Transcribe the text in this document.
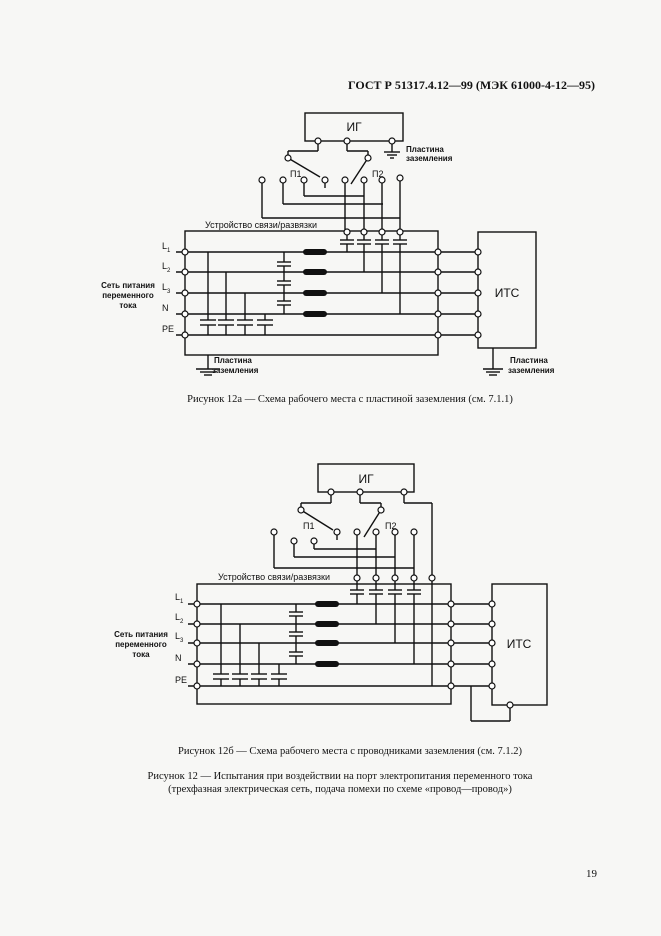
ГОСТ Р 51317.4.12—99 (МЭК 61000-4-12—95)
ИГ
Пластина
заземления
П1	П2
Устройство связи/развязки
Сеть питания
переменного
тока
ИТС
Пластина
заземления
Пластина
заземления
$L_1$
$L_2$
$L_3$
N
PE
Рисунок 12а — Схема рабочего места с пластиной заземления (см. 7.1.1)
ИГ
П1	П2
Устройство связи/развязки
Сеть питания
переменного
тока
ИТС
$L_1$
$L_2$
$L_3$
N
PE
Рисунок 12б — Схема рабочего места с проводниками заземления (см. 7.1.2)
Рисунок 12 — Испытания при воздействии на порт электропитания переменного тока
(трехфазная электрическая сеть, подача помехи по схеме «провод—провод»)
19
